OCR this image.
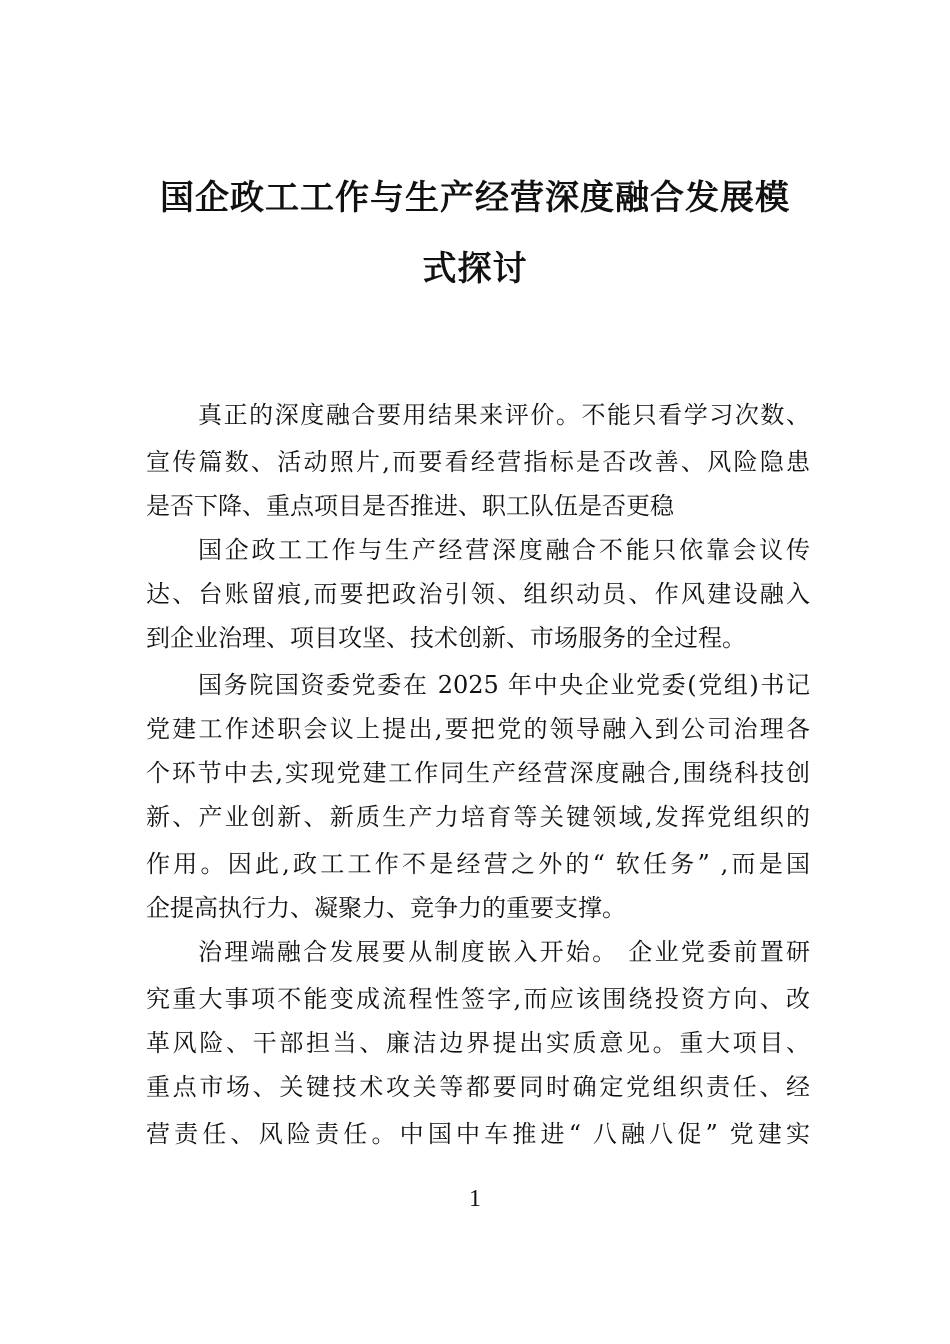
国企政工工作与生产经营深度融合发展模
式探讨
真正的深度融合要用结果来评价。不能只看学习次数、
宣传篇数、活动照片,而要看经营指标是否改善、风险隐患
是否下降、重点项目是否推进、职工队伍是否更稳
国企政工工作与生产经营深度融合不能只依靠会议传
达、台账留痕,而要把政治引领、组织动员、作风建设融入
到企业治理、项目攻坚、技术创新、市场服务的全过程。
国务院国资委党委在 2025 年中央企业党委(党组)书记
党建工作述职会议上提出,要把党的领导融入到公司治理各
个环节中去,实现党建工作同生产经营深度融合,围绕科技创
新、产业创新、新质生产力培育等关键领域,发挥党组织的
作用。因此,政工工作不是经营之外的“ 软任务” ,而是国
企提高执行力、凝聚力、竞争力的重要支撑。
治理端融合发展要从制度嵌入开始。 企业党委前置研
究重大事项不能变成流程性签字,而应该围绕投资方向、改
革风险、干部担当、廉洁边界提出实质意见。重大项目、
重点市场、关键技术攻关等都要同时确定党组织责任、经
营责任、风险责任。中国中车推进“ 八融八促” 党建实
1
